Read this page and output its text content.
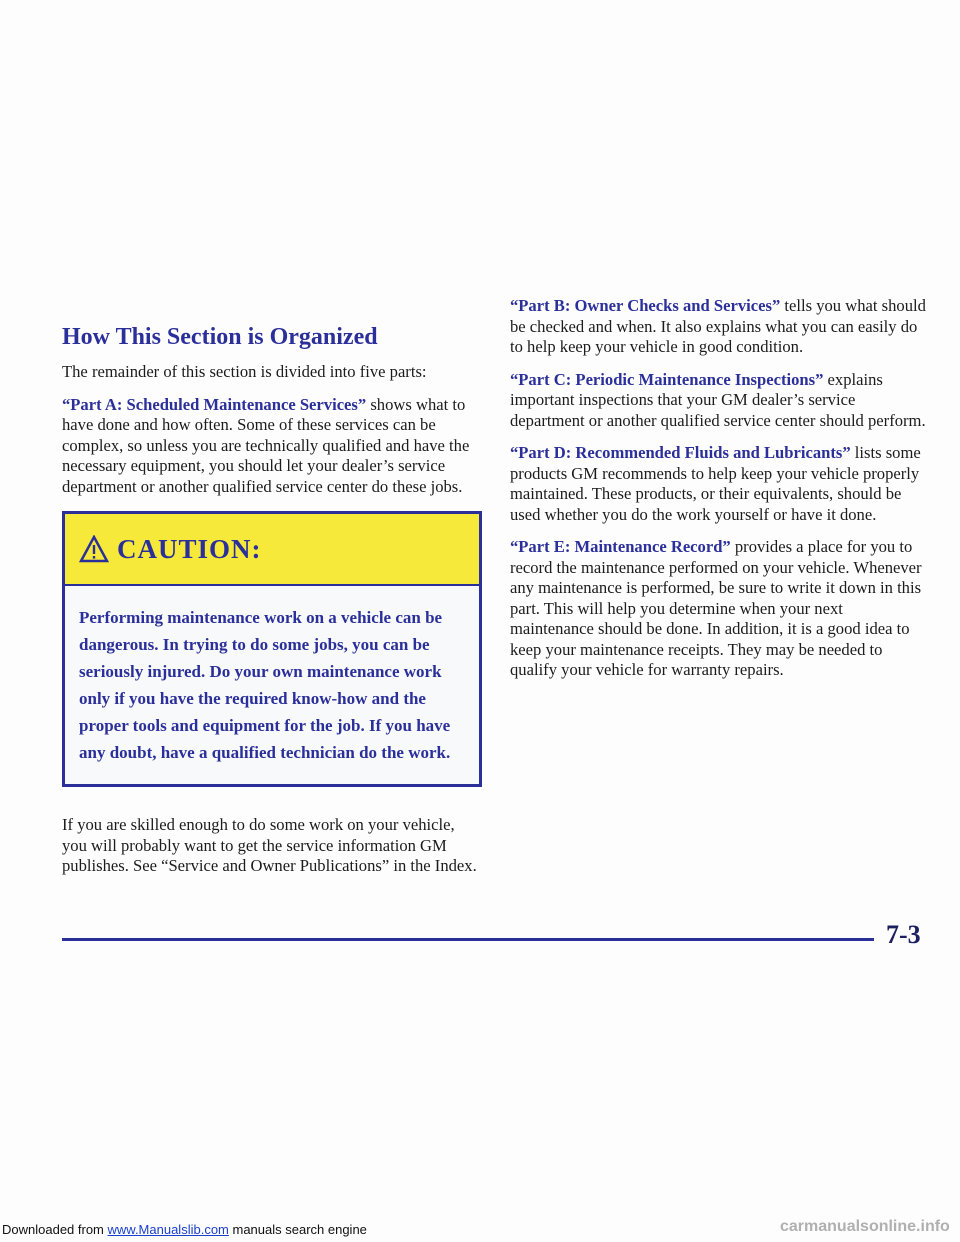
How This Section is Organized

The remainder of this section is divided into five parts:

“Part A: Scheduled Maintenance Services” shows what to have done and how often. Some of these services can be complex, so unless you are technically qualified and have the necessary equipment, you should let your dealer’s service department or another qualified service center do these jobs.

CAUTION:
Performing maintenance work on a vehicle can be dangerous. In trying to do some jobs, you can be seriously injured. Do your own maintenance work only if you have the required know-how and the proper tools and equipment for the job. If you have any doubt, have a qualified technician do the work.

If you are skilled enough to do some work on your vehicle, you will probably want to get the service information GM publishes. See “Service and Owner Publications” in the Index.

“Part B: Owner Checks and Services” tells you what should be checked and when. It also explains what you can easily do to help keep your vehicle in good condition.

“Part C: Periodic Maintenance Inspections” explains important inspections that your GM dealer’s service department or another qualified service center should perform.

“Part D: Recommended Fluids and Lubricants” lists some products GM recommends to help keep your vehicle properly maintained. These products, or their equivalents, should be used whether you do the work yourself or have it done.

“Part E: Maintenance Record” provides a place for you to record the maintenance performed on your vehicle. Whenever any maintenance is performed, be sure to write it down in this part. This will help you determine when your next maintenance should be done. In addition, it is a good idea to keep your maintenance receipts. They may be needed to qualify your vehicle for warranty repairs.

7-3
Downloaded from www.Manualslib.com manuals search engine	carmanualsonline.info
